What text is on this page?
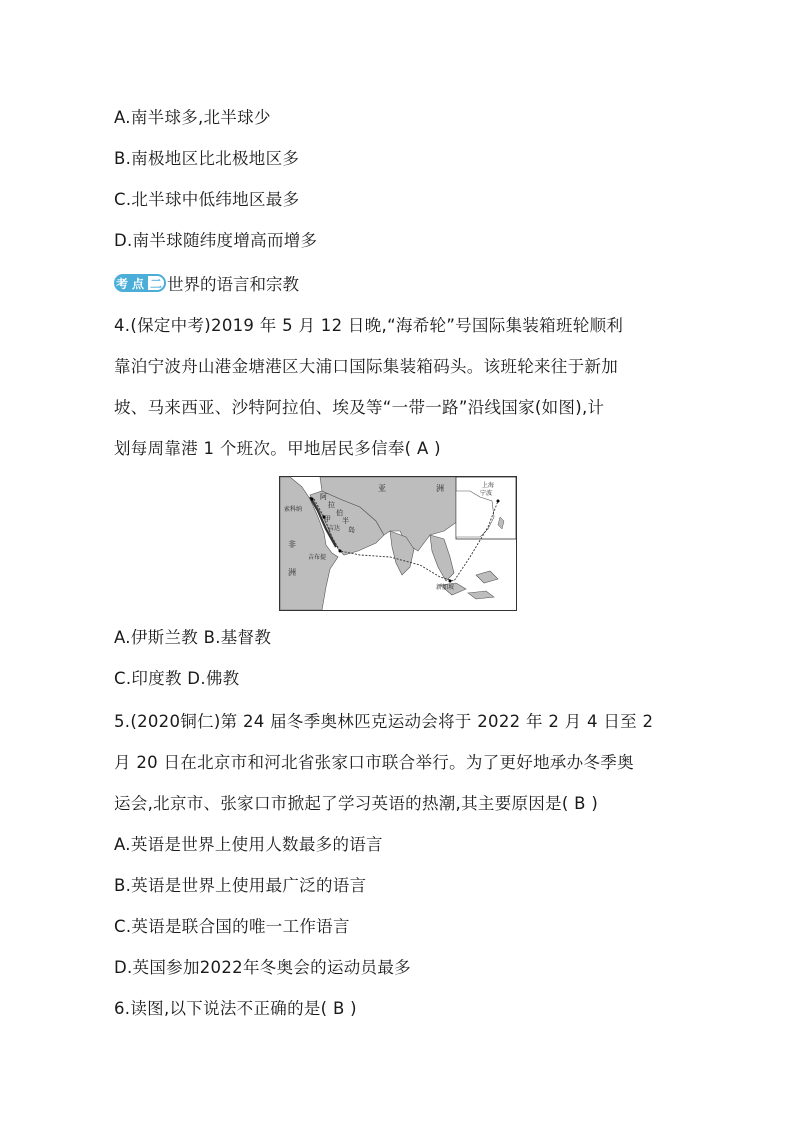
A.南半球多,北半球少
B.南极地区比北极地区多
C.北半球中低纬地区最多
D.南半球随纬度增高而增多
考 点 二 世界的语言和宗教
4.(保定中考)2019 年 5 月 12 日晚,“海希轮”号国际集装箱班轮顺利
靠泊宁波舟山港金塘港区大浦口国际集装箱码头。该班轮来往于新加
坡、马来西亚、沙特阿拉伯、埃及等“一带一路”沿线国家(如图),计
划每周靠港 1 个班次。甲地居民多信奉( A )
亚	洲
阿
拉
伯
半
岛
甲
吉达
索科纳
吉布提
非
洲
新加坡
上海
宁波
A.伊斯兰教 B.基督教
C.印度教 D.佛教
5.(2020铜仁)第 24 届冬季奥林匹克运动会将于 2022 年 2 月 4 日至 2
月 20 日在北京市和河北省张家口市联合举行。为了更好地承办冬季奥
运会,北京市、张家口市掀起了学习英语的热潮,其主要原因是( B )
A.英语是世界上使用人数最多的语言
B.英语是世界上使用最广泛的语言
C.英语是联合国的唯一工作语言
D.英国参加2022年冬奥会的运动员最多
6.读图,以下说法不正确的是( B )
